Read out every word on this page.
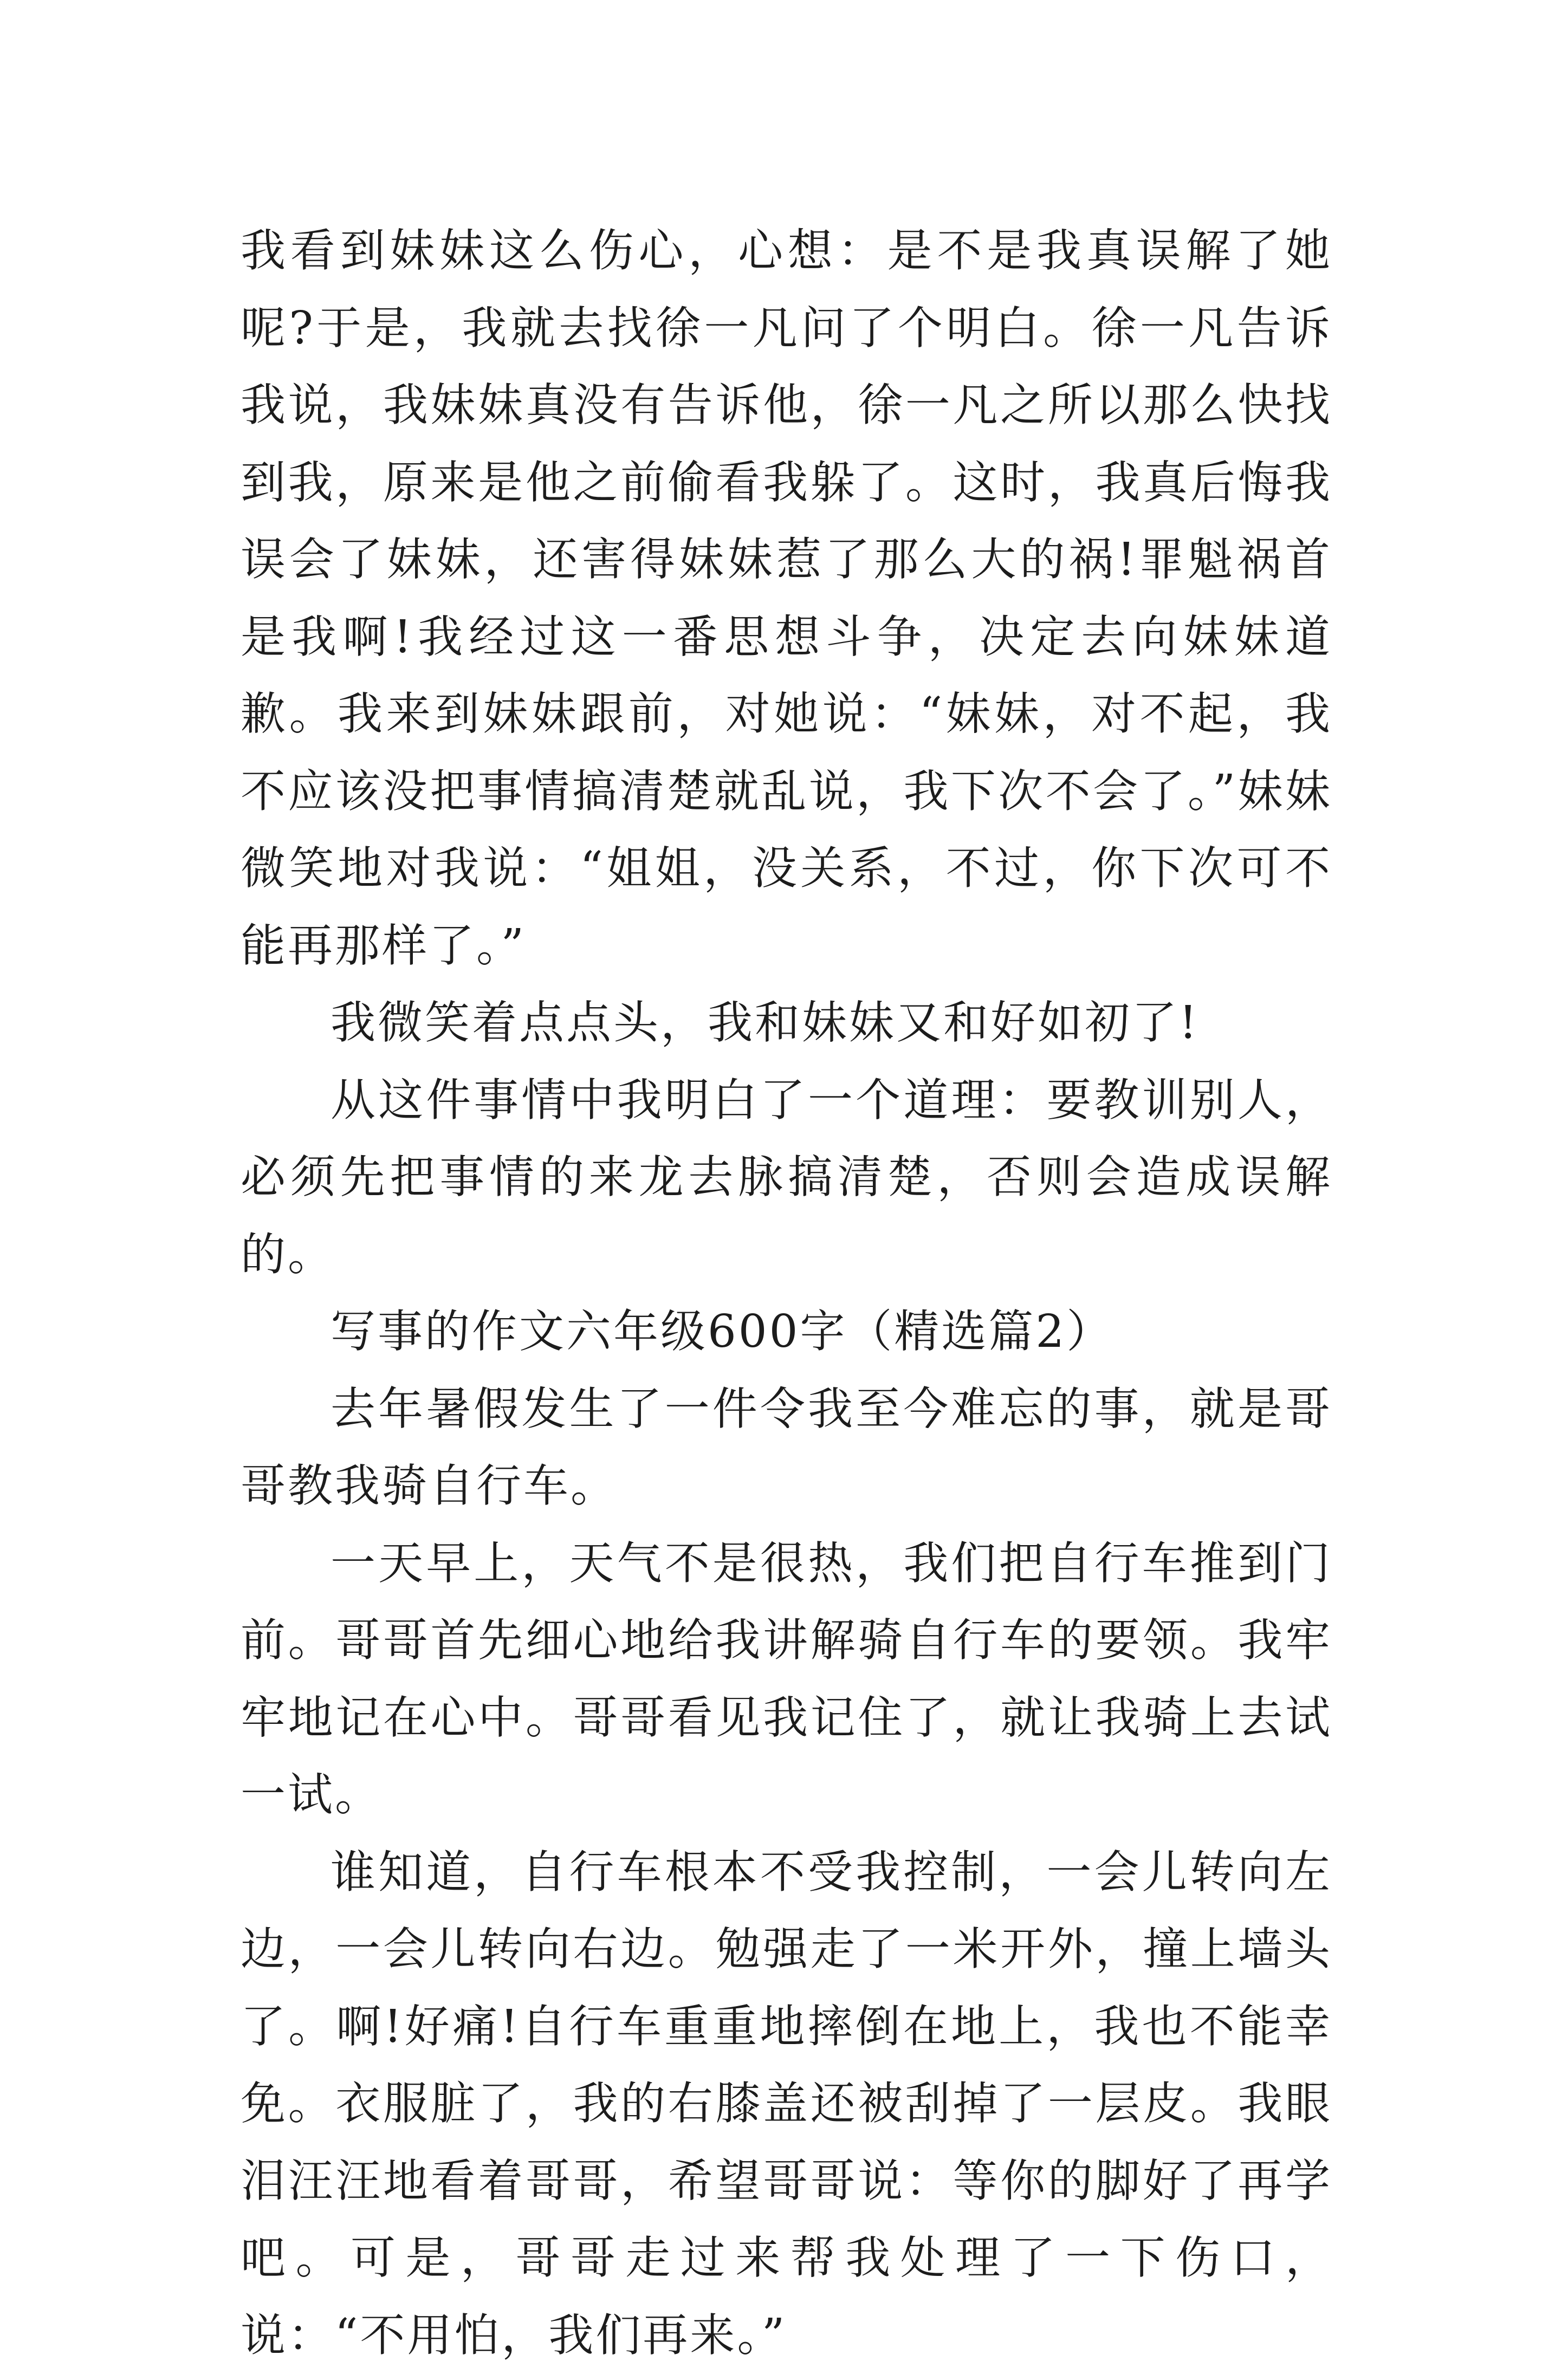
我看到妹妹这么伤心，心想：是不是我真误解了她呢?于是，我就去找徐一凡问了个明白。徐一凡告诉我说，我妹妹真没有告诉他，徐一凡之所以那么快找到我，原来是他之前偷看我躲了。这时，我真后悔我误会了妹妹，还害得妹妹惹了那么大的祸!罪魁祸首是我啊!我经过这一番思想斗争，决定去向妹妹道歉。我来到妹妹跟前，对她说：“妹妹，对不起，我不应该没把事情搞清楚就乱说，我下次不会了。”妹妹微笑地对我说：“姐姐，没关系，不过，你下次可不能再那样了。”

我微笑着点点头，我和妹妹又和好如初了!

从这件事情中我明白了一个道理：要教训别人，必须先把事情的来龙去脉搞清楚，否则会造成误解的。

写事的作文六年级600字（精选篇2）

去年暑假发生了一件令我至今难忘的事，就是哥哥教我骑自行车。

一天早上，天气不是很热，我们把自行车推到门前。哥哥首先细心地给我讲解骑自行车的要领。我牢牢地记在心中。哥哥看见我记住了，就让我骑上去试一试。

谁知道，自行车根本不受我控制，一会儿转向左边，一会儿转向右边。勉强走了一米开外，撞上墙头了。啊!好痛!自行车重重地摔倒在地上，我也不能幸免。衣服脏了，我的右膝盖还被刮掉了一层皮。我眼泪汪汪地看着哥哥，希望哥哥说：等你的脚好了再学吧。可是，哥哥走过来帮我处理了一下伤口，说：“不用怕，我们再来。”
